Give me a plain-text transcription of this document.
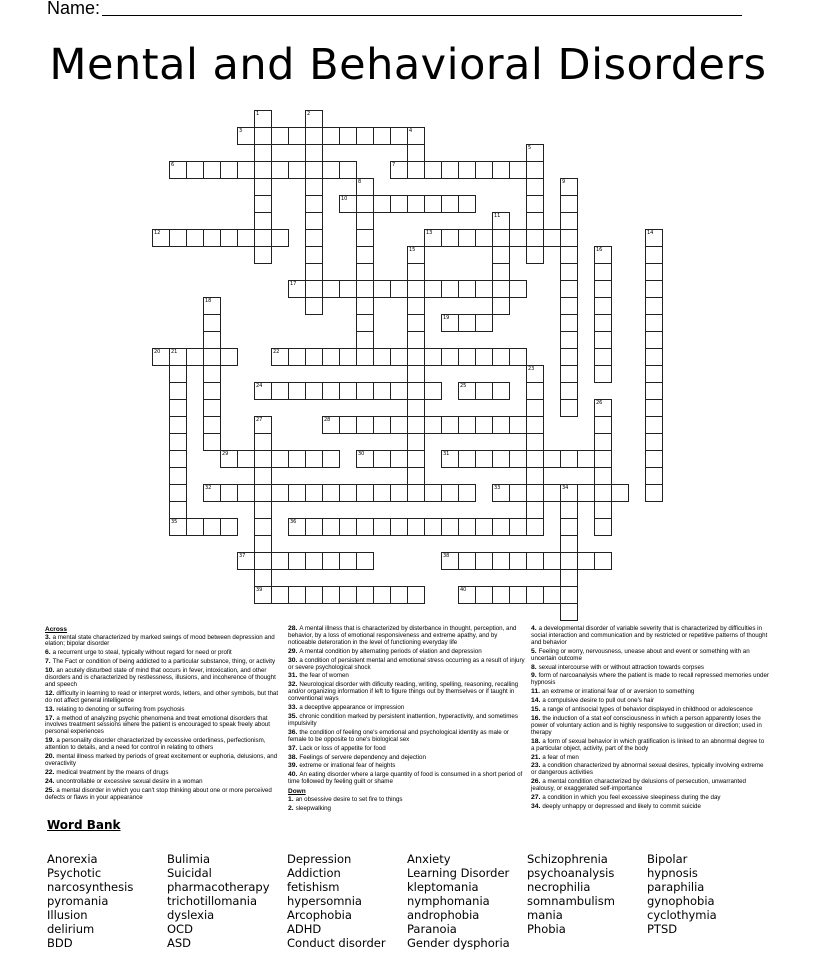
Name:
Mental and Behavioral Disorders
3	4
6	7
10
12	13
17
19
20 21	22
24	25
28
29	30	31
32	33	34
35	36
37	38
39	40
1	2
5
8	9
11
14
15	16
18
23
26
27
Across
3. a mental state characterized by marked swings of mood between depression and elation; bipolar disorder
6. a recurrent urge to steal, typically without regard for need or profit
7. The Fact or condition of being addicted to a particular substance, thing, or activity
10. an acutely disturbed state of mind that occurs in fever, intoxication, and other disorders and is characterized by restlessness, illusions, and incoherence of thought and speech
12. difficulty in learning to read or interpret words, letters, and other symbols, but that do not affect general intelligence
13. relating to denoting or suffering from psychosis
17. a method of analyzing psychic phenomena and treat emotional disorders that involves treatment sessions where the patient is encouraged to speak freely about personal experiences
19. a personality disorder characterized by excessive orderliness, perfectionism, attention to details, and a need for control in relating to others
20. mental illness marked by periods of great excitement or euphoria, delusions, and overactivity
22. medical treatment by the means of drugs
24. uncontrollable or excessive sexual desire in a woman
25. a mental disorder in which you can't stop thinking about one or more perceived defects or flaws in your appearance
28. A mental illness that is characterized by disterbance in thought, perception, and behavior, by a loss of emotional responsiveness and extreme apathy, and by noticeable deteroration in the level of functioning everyday life
29. A mental condition by alternating periods of elation and depression
30. a condition of persistent mental and emotional stress occurring as a result of injury or severe psychological shock
31. the fear of women
32. Neurological disorder with dificulty reading, writing, spelling, reasoning, recalling and/or organizing information if left to figure things out by themselves or if taught in conventional ways
33. a deceptive appearance or impression
35. chronic condition marked by persistent inattention, hyperactivity, and sometimes impulsivity
36. the condition of feeling one's emotional and psychological identity as male or female to be opposite to one's biological sex
37. Lack or loss of appetite for food
38. Feelings of servere dependency and dejection
39. extreme or irrational fear of heights
40. An eating disorder where a large quantity of food is consumed in a short period of time followed by feeling guilt or shame
Down
1. an obsessive desire to set fire to things
2. sleepwalking
4. a developmental disorder of variable severity that is characterized by difficulties in social interaction and communication and by restricted or repetitive patterns of thought and behavior
5. Feeling or worry, nervousness, unease about and event or something with an uncertain outcome
8. sexual intercourse with or without attraction towards corpses
9. form of narcoanalysis where the patient is made to recall repressed memories under hypnosis
11. an extreme or irrational fear of or aversion to something
14. a compulsive desire to pull out one's hair
15. a range of antisocial types of behavior displayed in childhood or adolescence
16. the induction of a stat eof consciousness in which a person apparently loses the power of voluntary action and is highly responsive to suggestion or direction; used in therapy
18. a form of sexual behavior in which gratification is linked to an abnormal degree to a particular object, activity, part of the body
21. a fear of men
23. a condition characterized by abnormal sexual desires, typically involving extreme or dangerous activities
26. a mental condition characterized by delusions of persecution, unwarranted jealousy, or exaggerated self-importance
27. a condition in which you feel excessive sleepiness during the day
34. deeply unhappy or depressed and likely to commit suicide
Word Bank
Anorexia	Bulimia	Depression	Anxiety	Schizophrenia	Bipolar
Psychotic	Suicidal	Addiction	Learning Disorder	psychoanalysis	hypnosis
narcosynthesis	pharmacotherapy	fetishism	kleptomania	necrophilia	paraphilia
pyromania	trichotillomania	hypersomnia	nymphomania	somnambulism	gynophobia
Illusion	dyslexia	Arcophobia	androphobia	mania	cyclothymia
delirium	OCD	ADHD	Paranoia	Phobia	PTSD
BDD	ASD	Conduct disorder	Gender dysphoria
